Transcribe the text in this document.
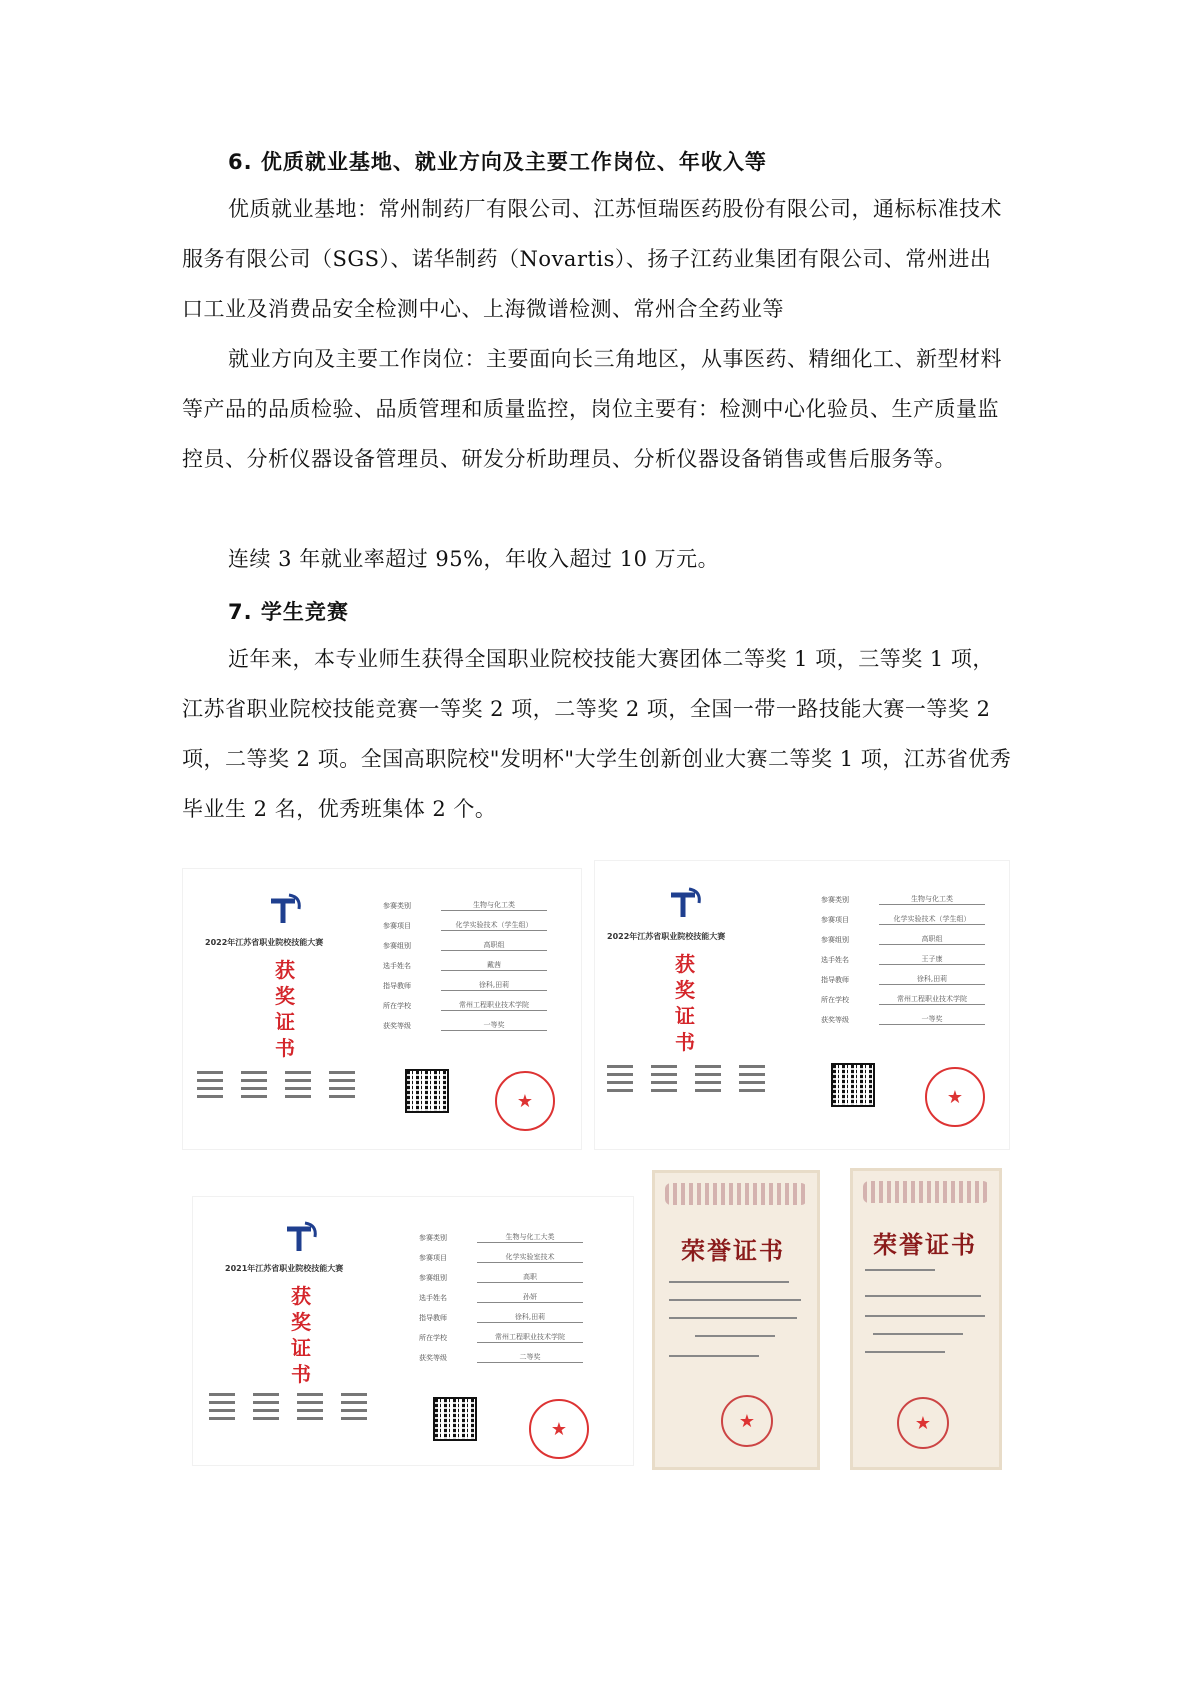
6. 优质就业基地、就业方向及主要工作岗位、年收入等

优质就业基地：常州制药厂有限公司、江苏恒瑞医药股份有限公司，通标标准技术服务有限公司（SGS）、诺华制药（Novartis）、扬子江药业集团有限公司、常州进出口工业及消费品安全检测中心、上海微谱检测、常州合全药业等

就业方向及主要工作岗位：主要面向长三角地区，从事医药、精细化工、新型材料等产品的品质检验、品质管理和质量监控，岗位主要有：检测中心化验员、生产质量监控员、分析仪器设备管理员、研发分析助理员、分析仪器设备销售或售后服务等。

连续 3 年就业率超过 95%，年收入超过 10 万元。

7. 学生竞赛

近年来，本专业师生获得全国职业院校技能大赛团体二等奖 1 项，三等奖 1 项，江苏省职业院校技能竞赛一等奖 2 项，二等奖 2 项，全国一带一路技能大赛一等奖 2 项，二等奖 2 项。全国高职院校"发明杯"大学生创新创业大赛二等奖 1 项，江苏省优秀毕业生 2 名，优秀班集体 2 个。

2022年江苏省职业院校技能大赛
获奖证书
参赛类别	生物与化工类
参赛项目	化学实验技术（学生组）
参赛组别	高职组
选手姓名	戴茜
指导教师	徐科,田莉
所在学校	常州工程职业技术学院
获奖等级	一等奖
★
2022年江苏省职业院校技能大赛
获奖证书
参赛类别	生物与化工类
参赛项目	化学实验技术（学生组）
参赛组别	高职组
选手姓名	王子康
指导教师	徐科,田莉
所在学校	常州工程职业技术学院
获奖等级	一等奖
★
2021年江苏省职业院校技能大赛
获奖证书
参赛类别	生物与化工大类
参赛项目	化学实验室技术
参赛组别	高职
选手姓名	孙妍
指导教师	徐科,田莉
所在学校	常州工程职业技术学院
获奖等级	二等奖
★
荣誉证书
★
荣誉证书
★
